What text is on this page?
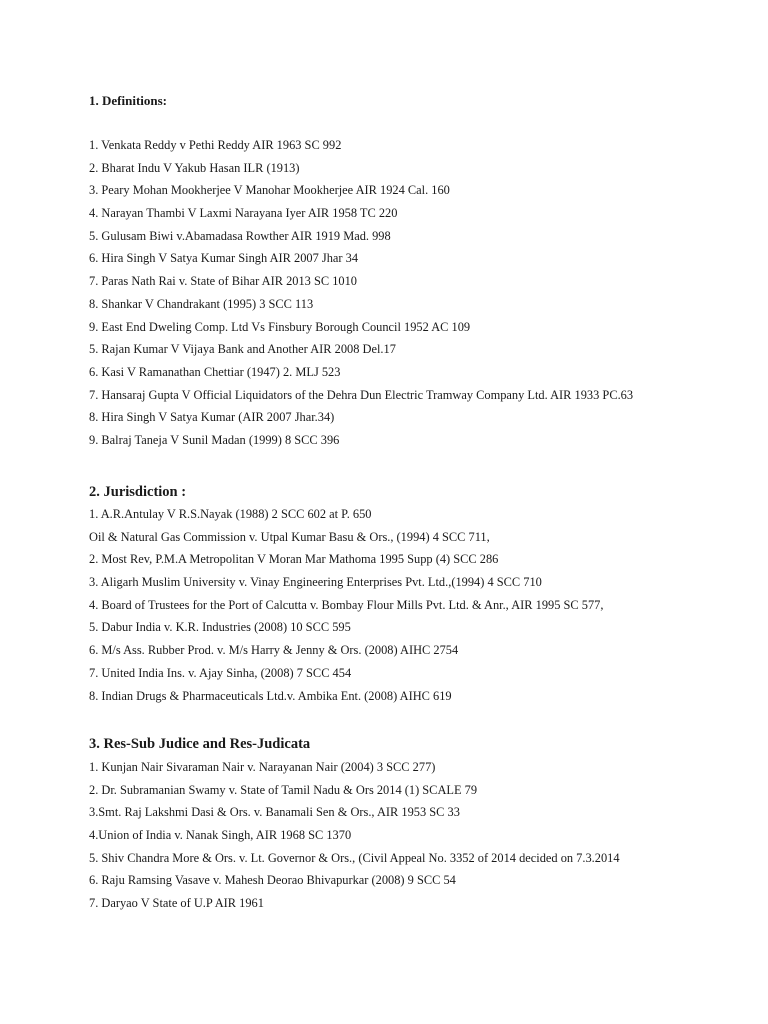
1. Definitions:
1. Venkata Reddy v Pethi Reddy AIR 1963 SC 992
2. Bharat Indu V Yakub Hasan ILR (1913)
3. Peary Mohan Mookherjee V Manohar Mookherjee AIR 1924 Cal. 160
4. Narayan Thambi V Laxmi Narayana Iyer AIR 1958 TC 220
5. Gulusam Biwi v.Abamadasa Rowther AIR 1919 Mad. 998
6. Hira Singh V Satya Kumar Singh AIR 2007 Jhar 34
7. Paras Nath Rai v. State of Bihar AIR 2013 SC 1010
8. Shankar V Chandrakant (1995) 3 SCC 113
9. East End Dweling Comp. Ltd Vs Finsbury Borough Council 1952 AC 109
5. Rajan Kumar V Vijaya Bank and Another AIR 2008 Del.17
6. Kasi V Ramanathan Chettiar (1947) 2. MLJ 523
7. Hansaraj Gupta V Official Liquidators of the Dehra Dun Electric Tramway Company Ltd. AIR 1933 PC.63
8. Hira Singh V Satya Kumar (AIR 2007 Jhar.34)
9. Balraj Taneja V Sunil Madan (1999) 8 SCC 396
2. Jurisdiction :
1. A.R.Antulay V R.S.Nayak (1988) 2 SCC 602 at P. 650
Oil & Natural Gas Commission v. Utpal Kumar Basu & Ors., (1994) 4 SCC 711,
2. Most Rev, P.M.A Metropolitan V Moran Mar Mathoma 1995 Supp (4) SCC 286
3. Aligarh Muslim University v. Vinay Engineering Enterprises Pvt. Ltd.,(1994) 4 SCC 710
4. Board of Trustees for the Port of Calcutta v. Bombay Flour Mills Pvt. Ltd. & Anr., AIR 1995 SC 577,
5. Dabur India v. K.R. Industries (2008) 10 SCC 595
6. M/s Ass. Rubber Prod. v. M/s Harry & Jenny & Ors. (2008) AIHC 2754
7. United India Ins. v. Ajay Sinha, (2008) 7 SCC 454
8. Indian Drugs & Pharmaceuticals Ltd.v. Ambika Ent. (2008) AIHC 619
3. Res-Sub Judice and Res-Judicata
1. Kunjan Nair Sivaraman Nair v. Narayanan Nair (2004) 3 SCC 277)
2. Dr. Subramanian Swamy v. State of Tamil Nadu & Ors 2014 (1) SCALE 79
3.Smt. Raj Lakshmi Dasi & Ors. v. Banamali Sen & Ors., AIR 1953 SC 33
4.Union of India v. Nanak Singh, AIR 1968 SC 1370
5. Shiv Chandra More & Ors. v. Lt. Governor & Ors., (Civil Appeal No. 3352 of 2014 decided on 7.3.2014
6. Raju Ramsing Vasave v. Mahesh Deorao Bhivapurkar (2008) 9 SCC 54
7. Daryao V State of U.P AIR 1961
